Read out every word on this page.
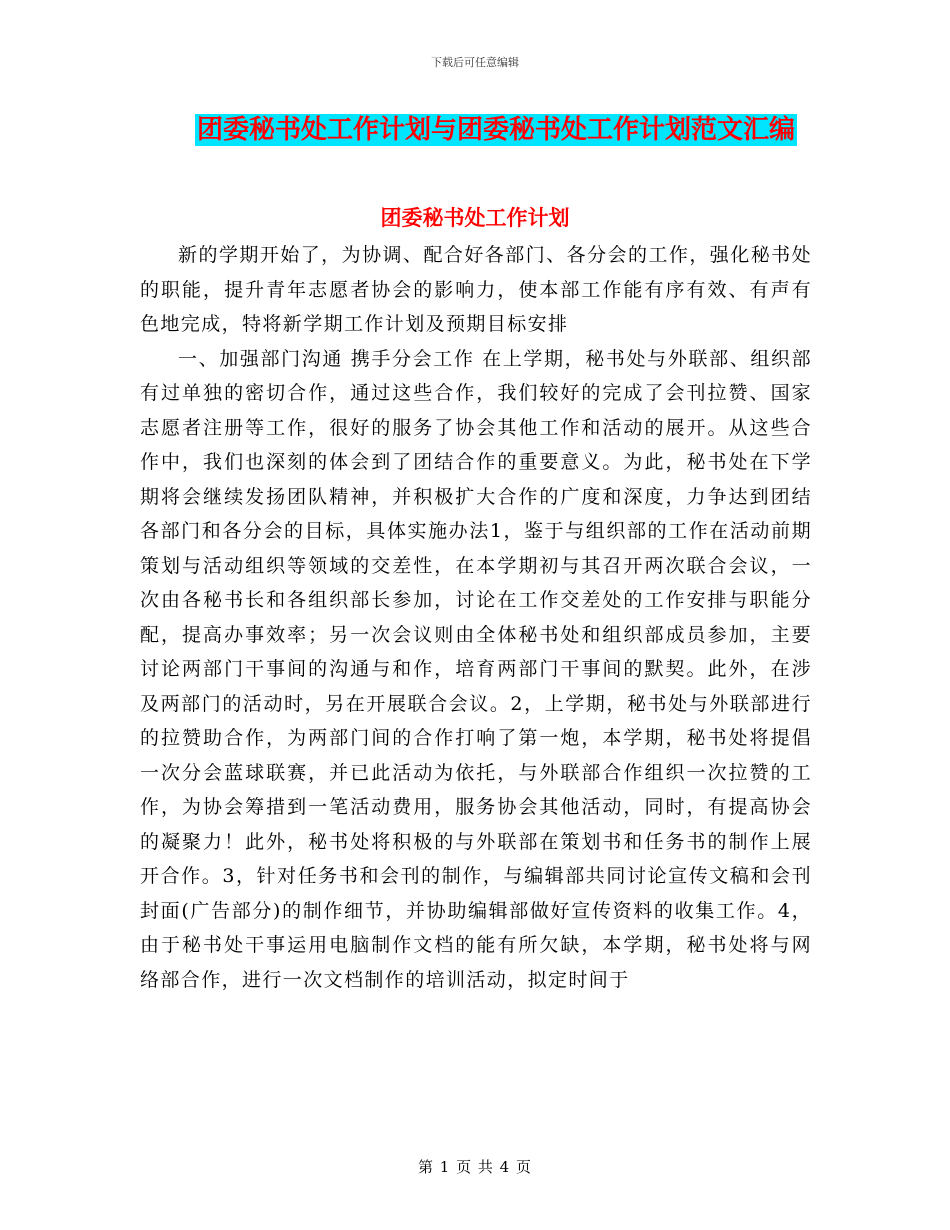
下载后可任意编辑
团委秘书处工作计划与团委秘书处工作计划范文汇编
团委秘书处工作计划

新的学期开始了，为协调、配合好各部门、各分会的工作，强化秘书处的职能，提升青年志愿者协会的影响力，使本部工作能有序有效、有声有色地完成，特将新学期工作计划及预期目标安排

一、加强部门沟通 携手分会工作 在上学期，秘书处与外联部、组织部有过单独的密切合作，通过这些合作，我们较好的完成了会刊拉赞、国家志愿者注册等工作，很好的服务了协会其他工作和活动的展开。从这些合作中，我们也深刻的体会到了团结合作的重要意义。为此，秘书处在下学期将会继续发扬团队精神，并积极扩大合作的广度和深度，力争达到团结各部门和各分会的目标，具体实施办法1，鉴于与组织部的工作在活动前期策划与活动组织等领域的交差性，在本学期初与其召开两次联合会议，一次由各秘书长和各组织部长参加，讨论在工作交差处的工作安排与职能分配，提高办事效率；另一次会议则由全体秘书处和组织部成员参加，主要讨论两部门干事间的沟通与和作，培育两部门干事间的默契。此外，在涉及两部门的活动时，另在开展联合会议。2，上学期，秘书处与外联部进行的拉赞助合作，为两部门间的合作打响了第一炮，本学期，秘书处将提倡一次分会蓝球联赛，并已此活动为依托，与外联部合作组织一次拉赞的工作，为协会筹措到一笔活动费用，服务协会其他活动，同时，有提高协会的凝聚力！此外，秘书处将积极的与外联部在策划书和任务书的制作上展开合作。3，针对任务书和会刊的制作，与编辑部共同讨论宣传文稿和会刊封面(广告部分)的制作细节，并协助编辑部做好宣传资料的收集工作。4，由于秘书处干事运用电脑制作文档的能有所欠缺，本学期，秘书处将与网络部合作，进行一次文档制作的培训活动，拟定时间于

第 1 页 共 4 页
